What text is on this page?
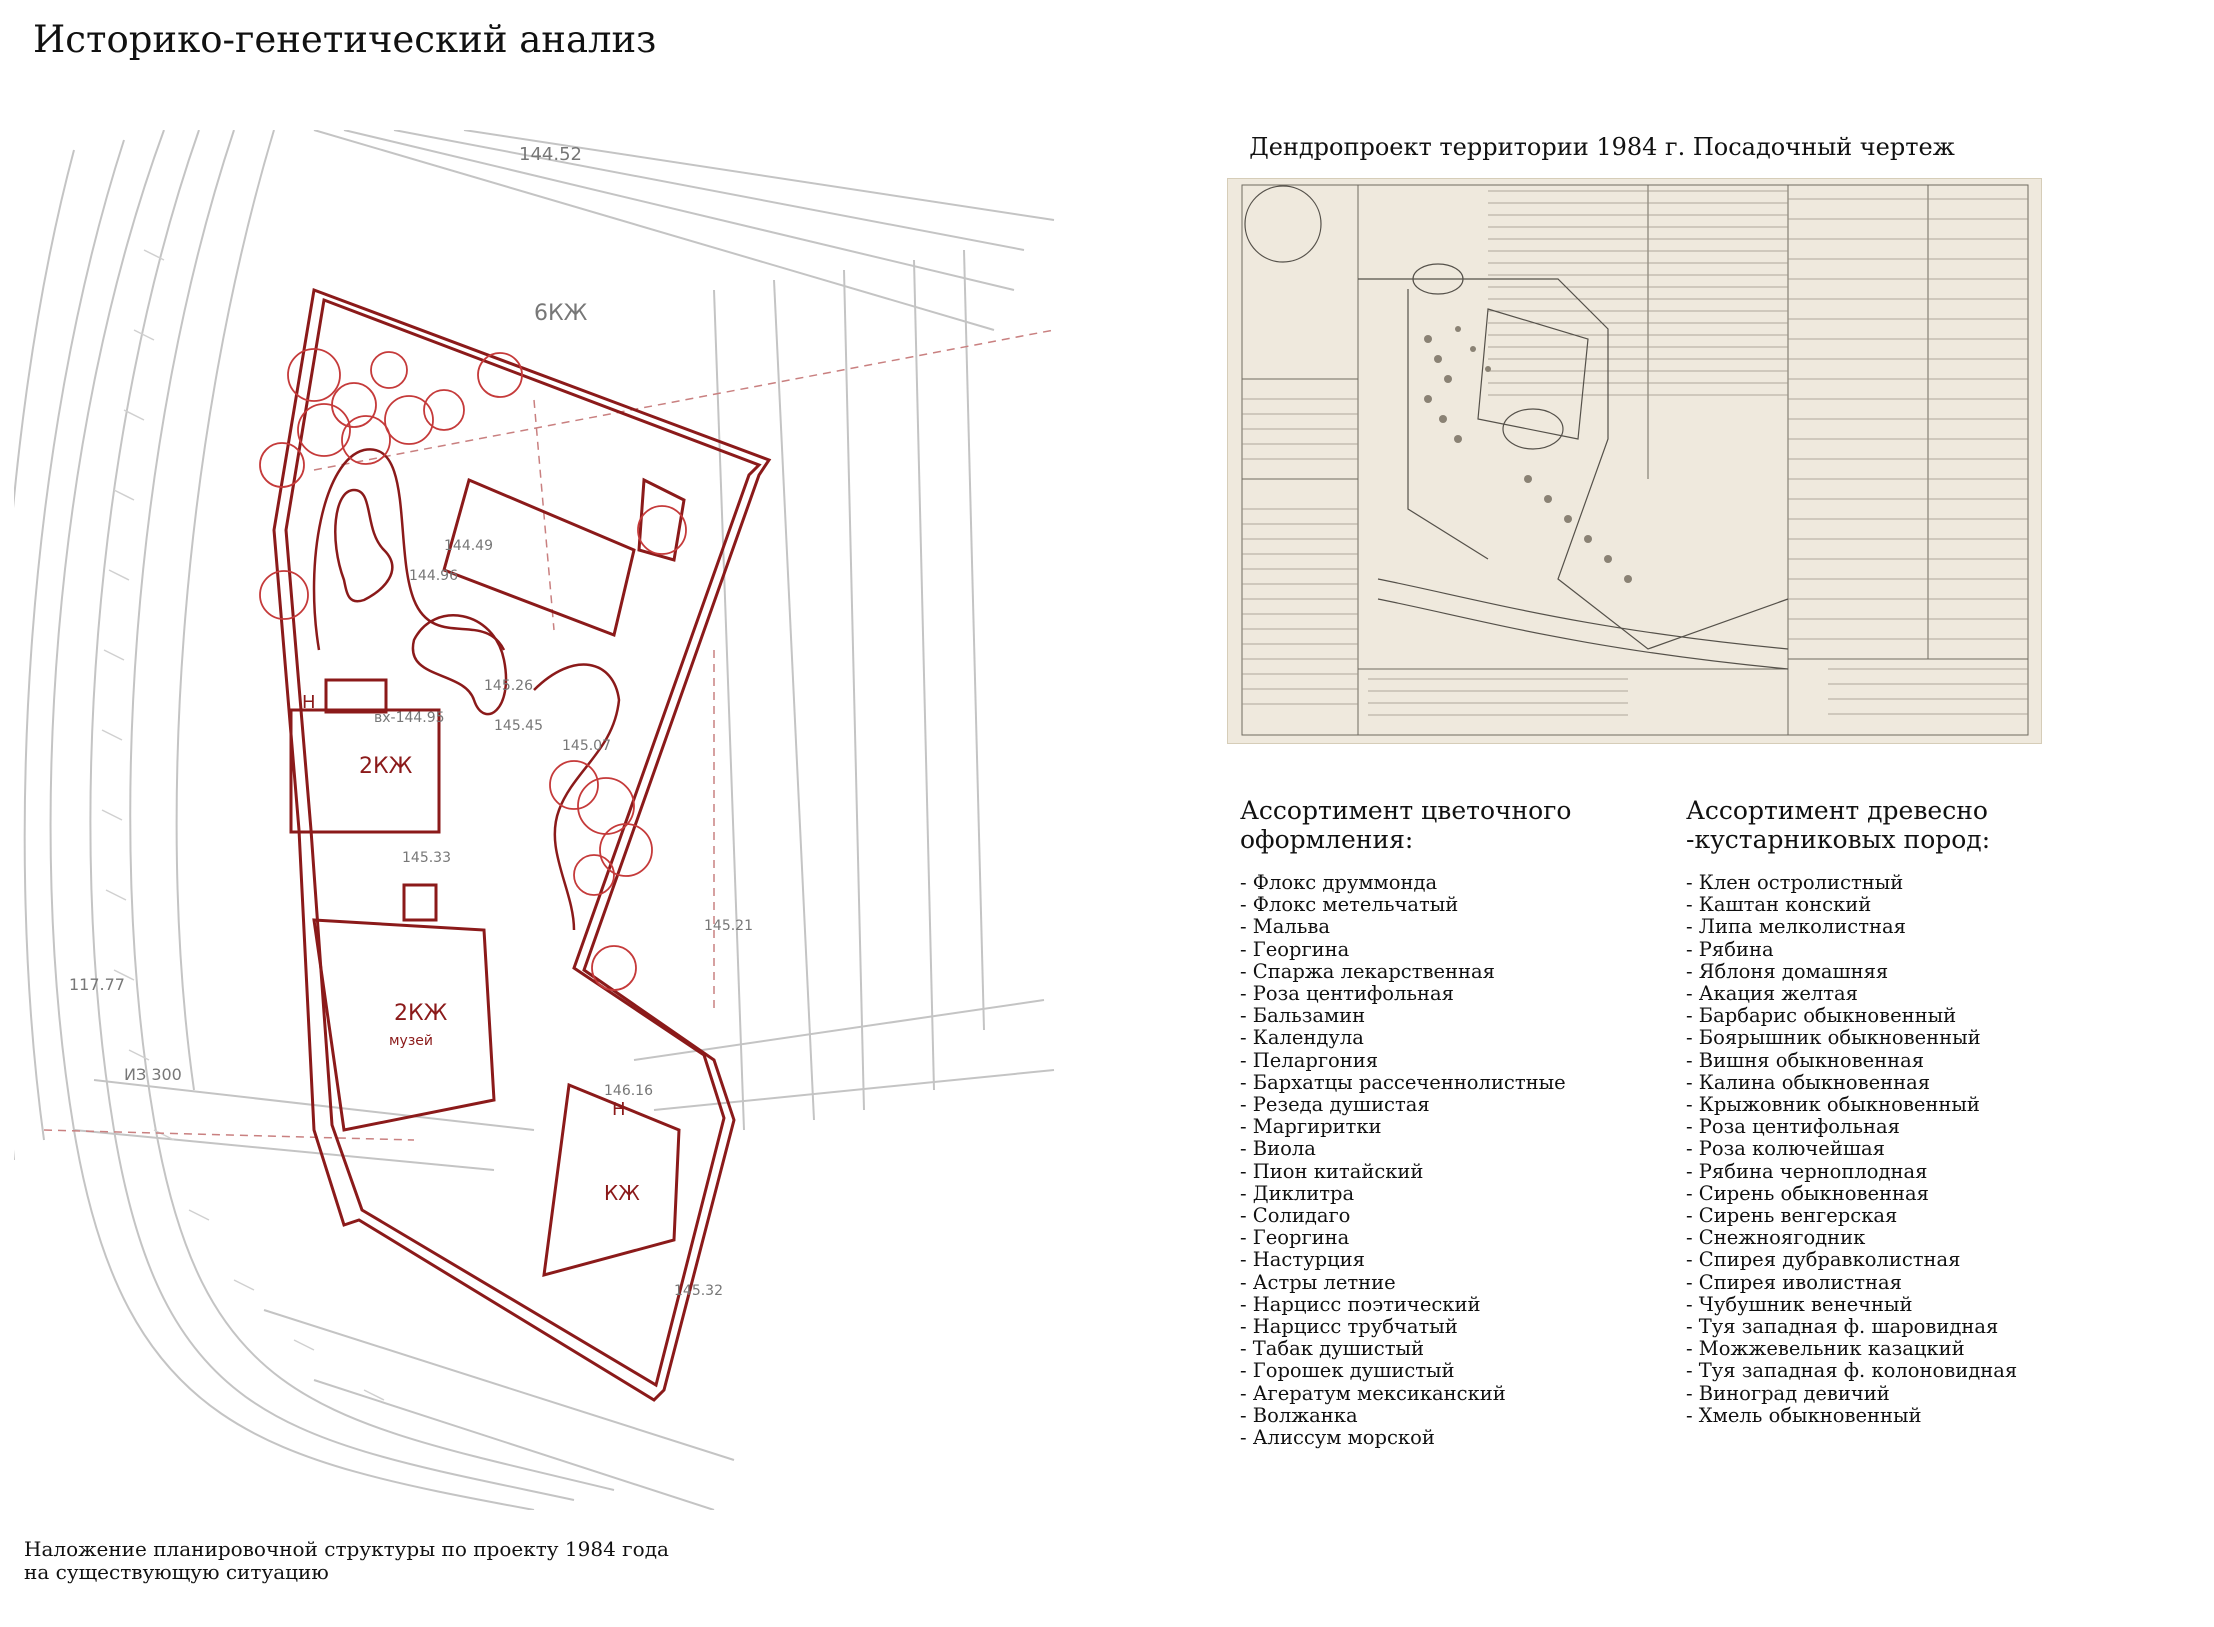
Историко-генетический анализ
2КЖ
2КЖ
музей
КЖ
6КЖ
Н
Н
вх-144.95
145.33
146.16
145.07
144.49
144.96
145.45
145.26
144.52
145.32
145.21
ИЗ 300
117.77
Наложение планировочной структуры по проекту 1984 года
на существующую ситуацию
Дендропроект территории 1984 г. Посадочный чертеж
Ассортимент цветочного
оформления:
- Флокс друммонда
- Флокс метельчатый
- Мальва
- Георгина
- Спаржа лекарственная
- Роза центифольная
- Бальзамин
- Календула
- Пеларгония
- Бархатцы рассеченнолистные
- Резеда душистая
- Маргиритки
- Виола
- Пион китайский
- Диклитра
- Солидаго
- Георгина
- Настурция
- Астры летние
- Нарцисс поэтический
- Нарцисс трубчатый
- Табак душистый
- Горошек душистый
- Агератум мексиканский
- Волжанка
- Алиссум морской
Ассортимент древесно
-кустарниковых пород:
- Клен остролистный
- Каштан конский
- Липа мелколистная
- Рябина
- Яблоня домашняя
- Акация желтая
- Барбарис обыкновенный
- Боярышник обыкновенный
- Вишня обыкновенная
- Калина обыкновенная
- Крыжовник обыкновенный
- Роза центифольная
- Роза колючейшая
- Рябина черноплодная
- Сирень обыкновенная
- Сирень венгерская
- Снежноягодник
- Спирея дубравколистная
- Спирея иволистная
- Чубушник венечный
- Туя западная ф. шаровидная
- Можжевельник казацкий
- Туя западная ф. колоновидная
- Виноград девичий
- Хмель обыкновенный
